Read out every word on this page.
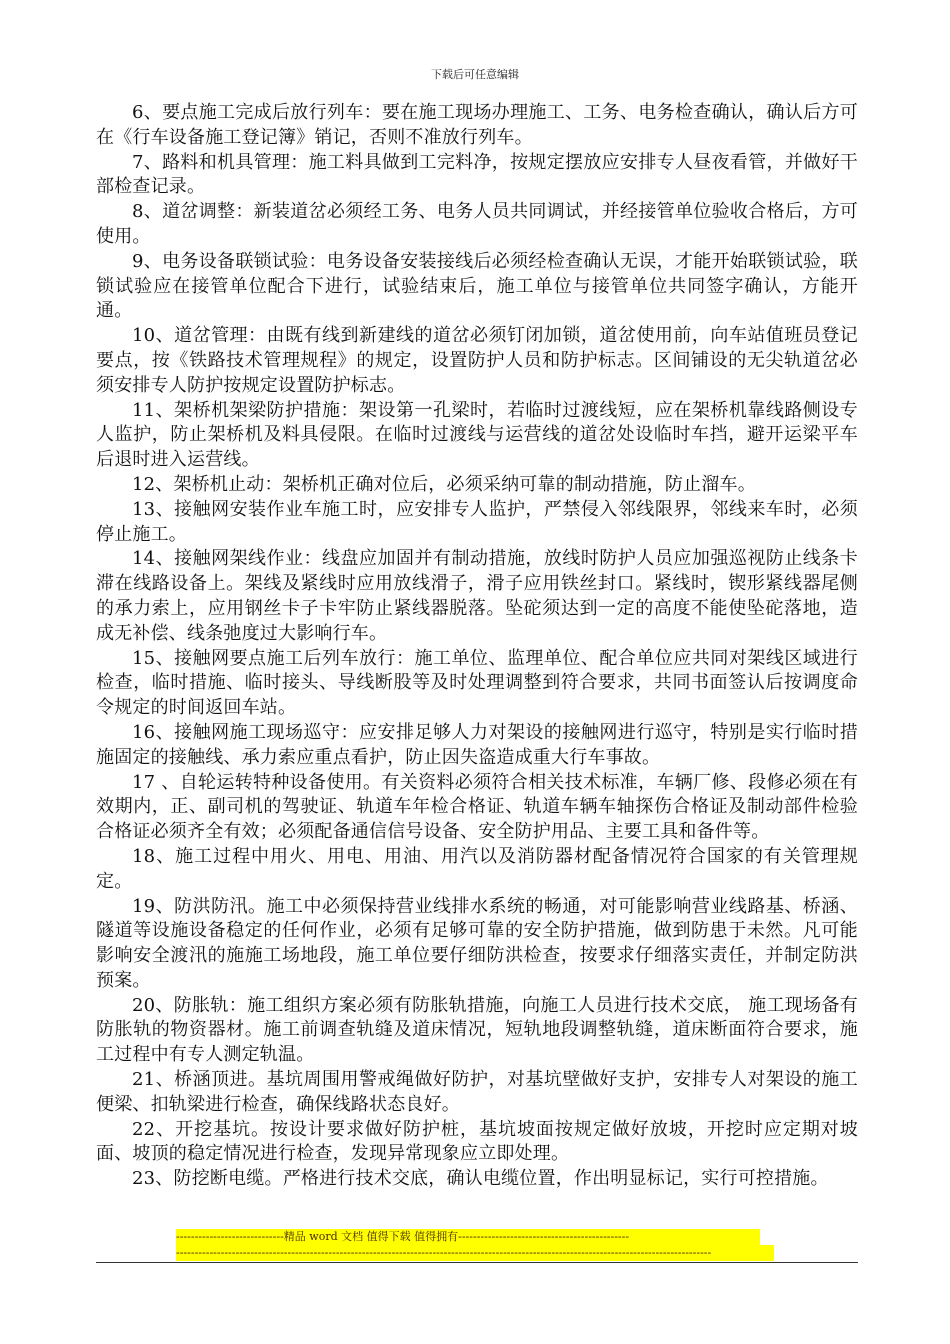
下载后可任意编辑

6、要点施工完成后放行列车：要在施工现场办理施工、工务、电务检查确认，确认后方可在《行车设备施工登记簿》销记，否则不准放行列车。

7、路料和机具管理：施工料具做到工完料净，按规定摆放应安排专人昼夜看管，并做好干部检查记录。

8、道岔调整：新装道岔必须经工务、电务人员共同调试，并经接管单位验收合格后，方可使用。

9、电务设备联锁试验：电务设备安装接线后必须经检查确认无误，才能开始联锁试验，联锁试验应在接管单位配合下进行，试验结束后，施工单位与接管单位共同签字确认，方能开通。

10、道岔管理：由既有线到新建线的道岔必须钉闭加锁，道岔使用前，向车站值班员登记要点，按《铁路技术管理规程》的规定，设置防护人员和防护标志。区间铺设的无尖轨道岔必须安排专人防护按规定设置防护标志。

11、架桥机架梁防护措施：架设第一孔梁时，若临时过渡线短，应在架桥机靠线路侧设专人监护，防止架桥机及料具侵限。在临时过渡线与运营线的道岔处设临时车挡，避开运梁平车后退时进入运营线。

12、架桥机止动：架桥机正确对位后，必须采纳可靠的制动措施，防止溜车。

13、接触网安装作业车施工时，应安排专人监护，严禁侵入邻线限界，邻线来车时，必须停止施工。

14、接触网架线作业：线盘应加固并有制动措施，放线时防护人员应加强巡视防止线条卡滞在线路设备上。架线及紧线时应用放线滑子，滑子应用铁丝封口。紧线时，锲形紧线器尾侧的承力索上，应用钢丝卡子卡牢防止紧线器脱落。坠砣须达到一定的高度不能使坠砣落地，造成无补偿、线条弛度过大影响行车。

15、接触网要点施工后列车放行：施工单位、监理单位、配合单位应共同对架线区域进行检查，临时措施、临时接头、导线断股等及时处理调整到符合要求，共同书面签认后按调度命令规定的时间返回车站。

16、接触网施工现场巡守：应安排足够人力对架设的接触网进行巡守，特别是实行临时措施固定的接触线、承力索应重点看护，防止因失盗造成重大行车事故。

17 、自轮运转特种设备使用。有关资料必须符合相关技术标准，车辆厂修、段修必须在有效期内，正、副司机的驾驶证、轨道车年检合格证、轨道车辆车轴探伤合格证及制动部件检验合格证必须齐全有效；必须配备通信信号设备、安全防护用品、主要工具和备件等。

18、施工过程中用火、用电、用油、用汽以及消防器材配备情况符合国家的有关管理规定。

19、防洪防汛。施工中必须保持营业线排水系统的畅通，对可能影响营业线路基、桥涵、隧道等设施设备稳定的任何作业，必须有足够可靠的安全防护措施，做到防患于未然。凡可能影响安全渡汛的施施工场地段，施工单位要仔细防洪检查，按要求仔细落实责任，并制定防洪预案。

20、防胀轨：施工组织方案必须有防胀轨措施，向施工人员进行技术交底， 施工现场备有防胀轨的物资器材。施工前调查轨缝及道床情况，短轨地段调整轨缝，道床断面符合要求，施工过程中有专人测定轨温。

21、桥涵顶进。基坑周围用警戒绳做好防护，对基坑壁做好支护，安排专人对架设的施工便梁、扣轨梁进行检查，确保线路状态良好。

22、开挖基坑。按设计要求做好防护桩，基坑坡面按规定做好放坡，开挖时应定期对坡面、坡顶的稳定情况进行检查，发现异常现象应立即处理。

23、防挖断电缆。严格进行技术交底，确认电缆位置，作出明显标记，实行可控措施。

-----------------------------精品 word 文档 值得下载 值得拥有----------------------------------------------
------------------------------------------------------------------------------------------------------------------------------------------------
